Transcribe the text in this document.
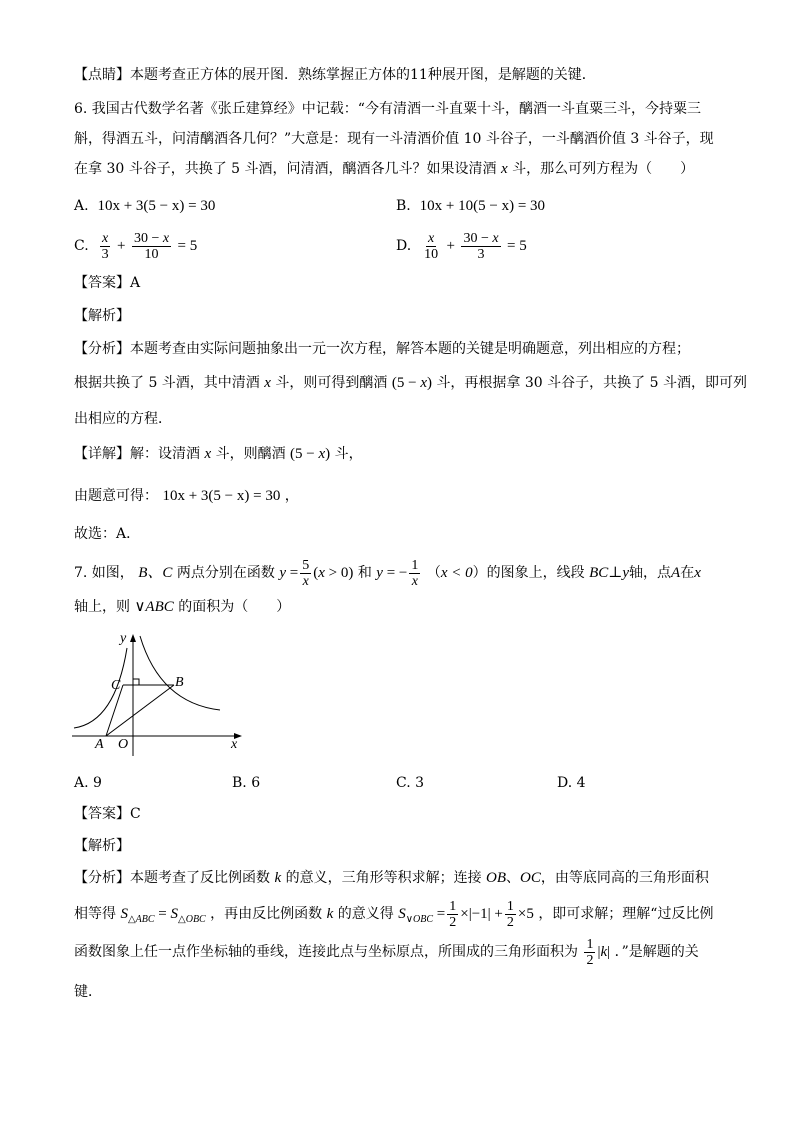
【点睛】本题考查正方体的展开图．熟练掌握正方体的11种展开图，是解题的关键．
6. 我国古代数学名著《张丘建算经》中记载：“今有清酒一斗直粟十斗，醨酒一斗直粟三斗，今持粟三
斛，得酒五斗，问清醨酒各几何？”大意是：现有一斗清酒价值 10 斗谷子，一斗醨酒价值 3 斗谷子，现
在拿 30 斗谷子，共换了 5 斗酒，问清酒，醨酒各几斗？如果设清酒 x 斗，那么可列方程为（　　）
A. 10x + 3(5 − x) = 30	B. 10x + 10(5 − x) = 30
C. $\frac{x}{3} + \frac{30 - x}{10} = 5$	D. $\frac{x}{10} + \frac{30 - x}{3} = 5$
【答案】A
【解析】
【分析】本题考查由实际问题抽象出一元一次方程，解答本题的关键是明确题意，列出相应的方程；
根据共换了 5 斗酒，其中清酒 x 斗，则可得到醨酒 (5 − x) 斗，再根据拿 30 斗谷子，共换了 5 斗酒，即可列
出相应的方程．
【详解】解：设清酒 x 斗，则醨酒 (5 − x) 斗，
由题意可得： 10x + 3(5 − x) = 30 ，
故选：A．
7. 如图， B、C 两点分别在函数 $y = \frac{5}{x} (x > 0)$ 和 y = − $\frac{1}{x} (x < 0)$的图象上，线段 BC⊥y轴，点A在x
轴上，则 ∨ABC 的面积为（　　）
y
C	B
A O	x
A. 9	B. 6	C. 3	D. 4
【答案】C
【解析】
【分析】本题考查了反比例函数 k 的意义，三角形等积求解；连接 OB、OC，由等底同高的三角形面积
相等得 $S_{\triangle ABC} = S_{\triangle OBC}$ ，再由反比例函数 k 的意义得 $S_{\vee OBC} = \frac{1}{2} \times|-1| + \frac{1}{2} \times 5$ ，即可求解；理解“过反比例
函数图象上任一点作坐标轴的垂线，连接此点与坐标原点，所围成的三角形面积为 $\frac{1}{2} |k|$ ．”是解题的关
键．
